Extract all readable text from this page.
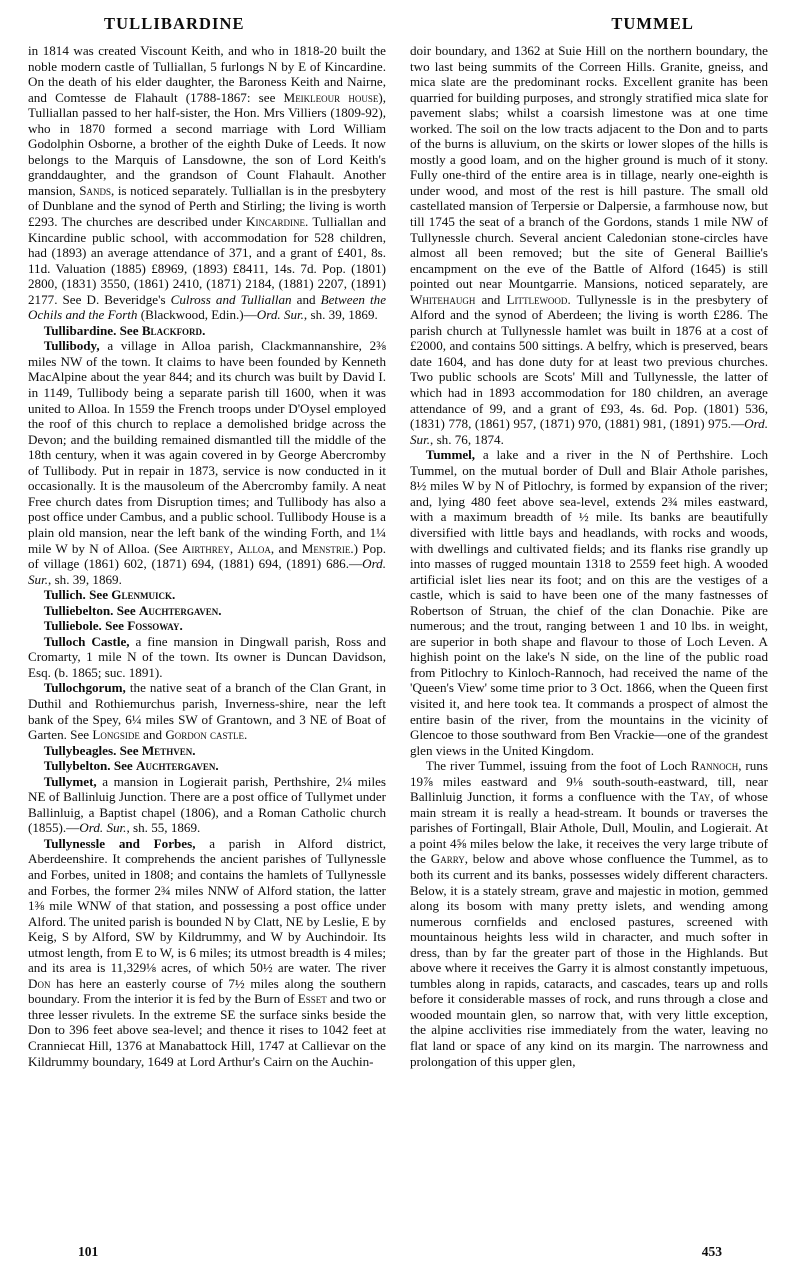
TULLIBARDINE	TUMMEL

in 1814 was created Viscount Keith, and who in 1818-20 built the noble modern castle of Tulliallan, 5 furlongs N by E of Kincardine. On the death of his elder daughter, the Baroness Keith and Nairne, and Comtesse de Flahault (1788-1867: see Meikleour house), Tulliallan passed to her half-sister, the Hon. Mrs Villiers (1809-92), who in 1870 formed a second marriage with Lord William Godolphin Osborne, a brother of the eighth Duke of Leeds. It now belongs to the Marquis of Lansdowne, the son of Lord Keith's granddaughter, and the grandson of Count Flahault. Another mansion, Sands, is noticed separately. Tulliallan is in the presbytery of Dunblane and the synod of Perth and Stirling; the living is worth £293. The churches are described under Kincardine. Tulliallan and Kincardine public school, with accommodation for 528 children, had (1893) an average attendance of 371, and a grant of £401, 8s. 11d. Valuation (1885) £8969, (1893) £8411, 14s. 7d. Pop. (1801) 2800, (1831) 3550, (1861) 2410, (1871) 2184, (1881) 2207, (1891) 2177. See D. Beveridge's Culross and Tulliallan and Between the Ochils and the Forth (Blackwood, Edin.)—Ord. Sur., sh. 39, 1869.

Tullibardine. See Blackford.

Tullibody, a village in Alloa parish, Clackmannanshire, 2⅜ miles NW of the town. It claims to have been founded by Kenneth MacAlpine about the year 844; and its church was built by David I. in 1149, Tullibody being a separate parish till 1600, when it was united to Alloa. In 1559 the French troops under D'Oysel employed the roof of this church to replace a demolished bridge across the Devon; and the building remained dismantled till the middle of the 18th century, when it was again covered in by George Abercromby of Tullibody. Put in repair in 1873, service is now conducted in it occasionally. It is the mausoleum of the Abercromby family. A neat Free church dates from Disruption times; and Tullibody has also a post office under Cambus, and a public school. Tullibody House is a plain old mansion, near the left bank of the winding Forth, and 1¼ mile W by N of Alloa. (See Airthrey, Alloa, and Menstrie.) Pop. of village (1861) 602, (1871) 694, (1881) 694, (1891) 686.—Ord. Sur., sh. 39, 1869.

Tullich. See Glenmuick.

Tulliebelton. See Auchtergaven.

Tulliebole. See Fossoway.

Tulloch Castle, a fine mansion in Dingwall parish, Ross and Cromarty, 1 mile N of the town. Its owner is Duncan Davidson, Esq. (b. 1865; suc. 1891).

Tullochgorum, the native seat of a branch of the Clan Grant, in Duthil and Rothiemurchus parish, Inverness-shire, near the left bank of the Spey, 6¼ miles SW of Grantown, and 3 NE of Boat of Garten. See Longside and Gordon castle.

Tullybeagles. See Methven.

Tullybelton. See Auchtergaven.

Tullymet, a mansion in Logierait parish, Perthshire, 2¼ miles NE of Ballinluig Junction. There are a post office of Tullymet under Ballinluig, a Baptist chapel (1806), and a Roman Catholic church (1855).—Ord. Sur., sh. 55, 1869.

Tullynessle and Forbes, a parish in Alford district, Aberdeenshire. It comprehends the ancient parishes of Tullynessle and Forbes, united in 1808; and contains the hamlets of Tullynessle and Forbes, the former 2¾ miles NNW of Alford station, the latter 1⅜ mile WNW of that station, and possessing a post office under Alford. The united parish is bounded N by Clatt, NE by Leslie, E by Keig, S by Alford, SW by Kildrummy, and W by Auchindoir. Its utmost length, from E to W, is 6 miles; its utmost breadth is 4 miles; and its area is 11,329⅛ acres, of which 50½ are water. The river Don has here an easterly course of 7½ miles along the southern boundary. From the interior it is fed by the Burn of Esset and two or three lesser rivulets. In the extreme SE the surface sinks beside the Don to 396 feet above sea-level; and thence it rises to 1042 feet at Cranniecat Hill, 1376 at Manabattock Hill, 1747 at Callievar on the Kildrummy boundary, 1649 at Lord Arthur's Cairn on the Auchin-

doir boundary, and 1362 at Suie Hill on the northern boundary, the two last being summits of the Correen Hills. Granite, gneiss, and mica slate are the predominant rocks. Excellent granite has been quarried for building purposes, and strongly stratified mica slate for pavement slabs; whilst a coarsish limestone was at one time worked. The soil on the low tracts adjacent to the Don and to parts of the burns is alluvium, on the skirts or lower slopes of the hills is mostly a good loam, and on the higher ground is much of it stony. Fully one-third of the entire area is in tillage, nearly one-eighth is under wood, and most of the rest is hill pasture. The small old castellated mansion of Terpersie or Dalpersie, a farmhouse now, but till 1745 the seat of a branch of the Gordons, stands 1 mile NW of Tullynessle church. Several ancient Caledonian stone-circles have almost all been removed; but the site of General Baillie's encampment on the eve of the Battle of Alford (1645) is still pointed out near Mountgarrie. Mansions, noticed separately, are Whitehaugh and Littlewood. Tullynessle is in the presbytery of Alford and the synod of Aberdeen; the living is worth £286. The parish church at Tullynessle hamlet was built in 1876 at a cost of £2000, and contains 500 sittings. A belfry, which is preserved, bears date 1604, and has done duty for at least two previous churches. Two public schools are Scots' Mill and Tullynessle, the latter of which had in 1893 accommodation for 180 children, an average attendance of 99, and a grant of £93, 4s. 6d. Pop. (1801) 536, (1831) 778, (1861) 957, (1871) 970, (1881) 981, (1891) 975.—Ord. Sur., sh. 76, 1874.

Tummel, a lake and a river in the N of Perthshire. Loch Tummel, on the mutual border of Dull and Blair Athole parishes, 8½ miles W by N of Pitlochry, is formed by expansion of the river; and, lying 480 feet above sea-level, extends 2¾ miles eastward, with a maximum breadth of ½ mile. Its banks are beautifully diversified with little bays and headlands, with rocks and woods, with dwellings and cultivated fields; and its flanks rise grandly up into masses of rugged mountain 1318 to 2559 feet high. A wooded artificial islet lies near its foot; and on this are the vestiges of a castle, which is said to have been one of the many fastnesses of Robertson of Struan, the chief of the clan Donachie. Pike are numerous; and the trout, ranging between 1 and 10 lbs. in weight, are superior in both shape and flavour to those of Loch Leven. A highish point on the lake's N side, on the line of the public road from Pitlochry to Kinloch-Rannoch, had received the name of the 'Queen's View' some time prior to 3 Oct. 1866, when the Queen first visited it, and here took tea. It commands a prospect of almost the entire basin of the river, from the mountains in the vicinity of Glencoe to those southward from Ben Vrackie—one of the grandest glen views in the United Kingdom.

The river Tummel, issuing from the foot of Loch Rannoch, runs 19⅞ miles eastward and 9⅛ south-south-eastward, till, near Ballinluig Junction, it forms a confluence with the Tay, of whose main stream it is really a head-stream. It bounds or traverses the parishes of Fortingall, Blair Athole, Dull, Moulin, and Logierait. At a point 4⅝ miles below the lake, it receives the very large tribute of the Garry, below and above whose confluence the Tummel, as to both its current and its banks, possesses widely different characters. Below, it is a stately stream, grave and majestic in motion, gemmed along its bosom with many pretty islets, and wending among numerous cornfields and enclosed pastures, screened with mountainous heights less wild in character, and much softer in dress, than by far the greater part of those in the Highlands. But above where it receives the Garry it is almost constantly impetuous, tumbles along in rapids, cataracts, and cascades, tears up and rolls before it considerable masses of rock, and runs through a close and wooded mountain glen, so narrow that, with very little exception, the alpine acclivities rise immediately from the water, leaving no flat land or space of any kind on its margin. The narrowness and prolongation of this upper glen,

101	453
